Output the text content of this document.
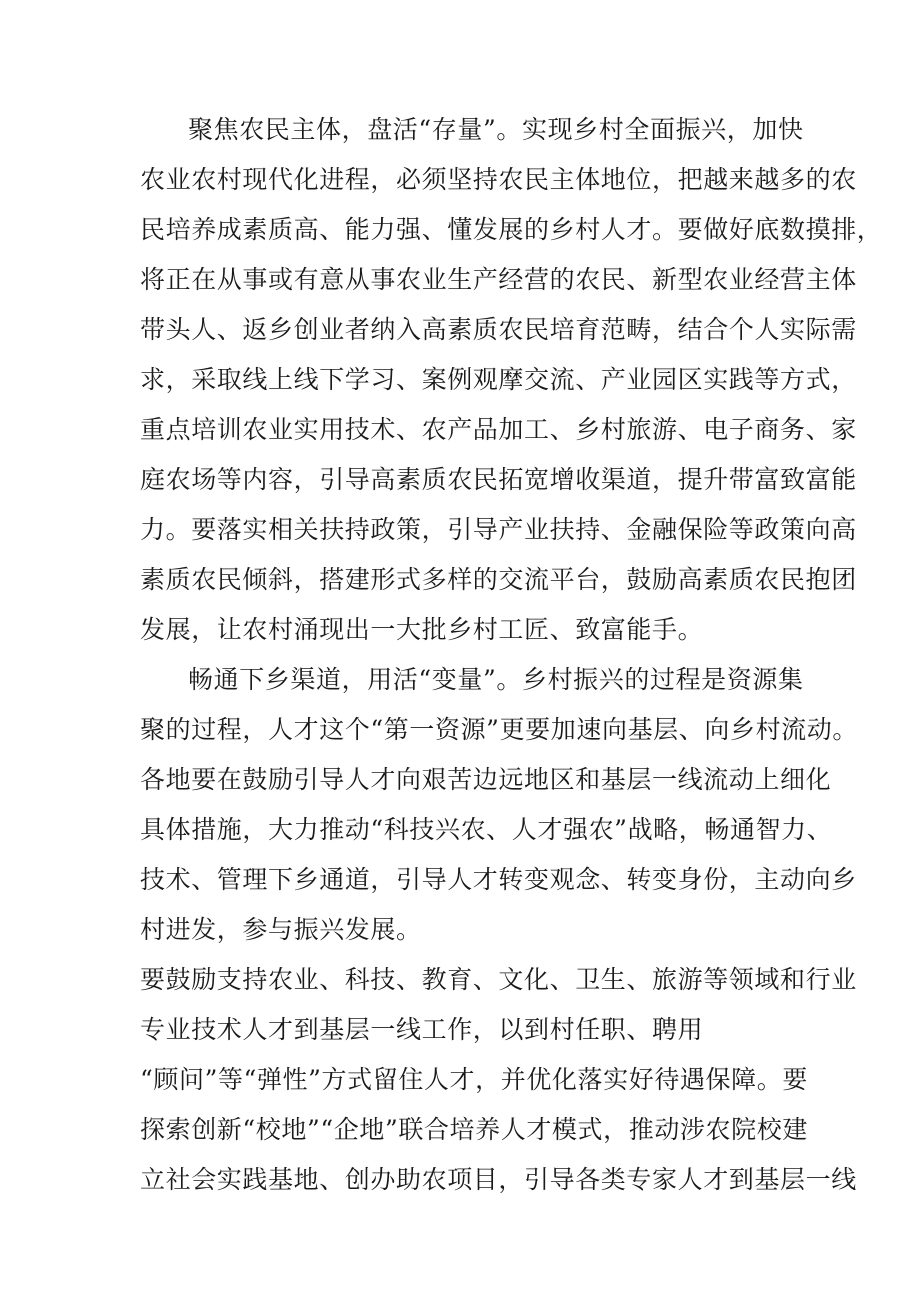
聚焦农民主体，盘活“存量”。实现乡村全面振兴，加快
农业农村现代化进程，必须坚持农民主体地位，把越来越多的农
民培养成素质高、能力强、懂发展的乡村人才。要做好底数摸排，
将正在从事或有意从事农业生产经营的农民、新型农业经营主体
带头人、返乡创业者纳入高素质农民培育范畴，结合个人实际需
求，采取线上线下学习、案例观摩交流、产业园区实践等方式，
重点培训农业实用技术、农产品加工、乡村旅游、电子商务、家
庭农场等内容，引导高素质农民拓宽增收渠道，提升带富致富能
力。要落实相关扶持政策，引导产业扶持、金融保险等政策向高
素质农民倾斜，搭建形式多样的交流平台，鼓励高素质农民抱团
发展，让农村涌现出一大批乡村工匠、致富能手。
畅通下乡渠道，用活“变量”。乡村振兴的过程是资源集
聚的过程，人才这个“第一资源”更要加速向基层、向乡村流动。
各地要在鼓励引导人才向艰苦边远地区和基层一线流动上细化
具体措施，大力推动“科技兴农、人才强农”战略，畅通智力、
技术、管理下乡通道，引导人才转变观念、转变身份，主动向乡
村进发，参与振兴发展。
要鼓励支持农业、科技、教育、文化、卫生、旅游等领域和行业
专业技术人才到基层一线工作，以到村任职、聘用
“顾问”等“弹性”方式留住人才，并优化落实好待遇保障。要
探索创新“校地”“企地”联合培养人才模式，推动涉农院校建
立社会实践基地、创办助农项目，引导各类专家人才到基层一线
